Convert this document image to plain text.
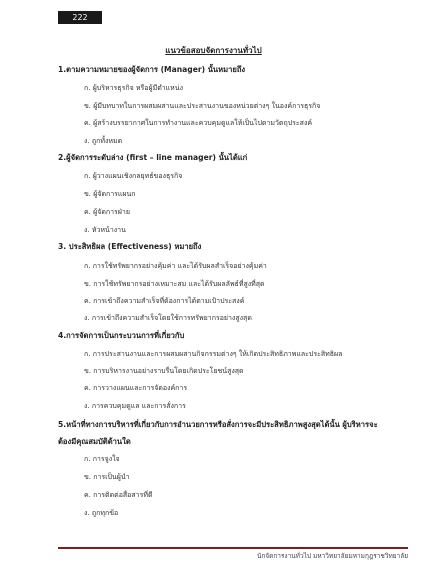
222
แนวข้อสอบจัดการงานทั่วไป
1.ตามความหมายของผู้จัดการ (Manager) นั้นหมายถึง
ก. ผู้บริหารธุรกิจ หรือผู้มีตำแหน่ง
ข. ผู้มีบทบาทในการผสมผสานและประสานงานของหน่วยต่างๆ ในองค์การธุรกิจ
ค. ผู้สร้างบรรยากาศในการทำงานและควบคุมดูแลให้เป็นไปตามวัตถุประสงค์
ง. ถูกทั้งหมด
2.ผู้จัดการระดับล่าง (first – line manager) นั้นได้แก่
ก. ผู้วางแผนเชิงกลยุทธ์ของธุรกิจ
ข. ผู้จัดการแผนก
ค. ผู้จัดการฝ่าย
ง. หัวหน้างาน
3. ประสิทธิผล (Effectiveness) หมายถึง
ก. การใช้ทรัพยากรอย่างคุ้มค่า และได้รับผลสำเร็จอย่างคุ้มค่า
ข. การใช้ทรัพยากรอย่างเหมาะสม และได้รับผลลัพธ์ที่สูงที่สุด
ค. การเข้าถึงความสำเร็จที่ต้องการได้ตามเป้าประสงค์
ง. การเข้าถึงความสำเร็จโดยใช้การทรัพยากรอย่างสูงสุด
4.การจัดการเป็นกระบวนการที่เกี่ยวกับ
ก. การประสานงานและการผสมผสานกิจกรรมต่างๆ ให้เกิดประสิทธิภาพและประสิทธิผล
ข. การบริหารงานอย่างราบรื่นโดยเกิดประโยชน์สูงสุด
ค. การวางแผนและการจัดองค์การ
ง. การควบคุมดูแล และการสั่งการ
5.หน้าที่ทางการบริหารที่เกี่ยวกับการอำนวยการหรือสั่งการจะมีประสิทธิภาพสูงสุดได้นั้น ผู้บริหารจะต้องมีคุณสมบัติด้านใด
ก. การจูงใจ
ข. การเป็นผู้นำ
ค. การติดต่อสื่อสารที่ดี
ง. ถูกทุกข้อ
นักจัดการงานทั่วไป มหาวิทยาลัยมหามกุฎราชวิทยาลัย
